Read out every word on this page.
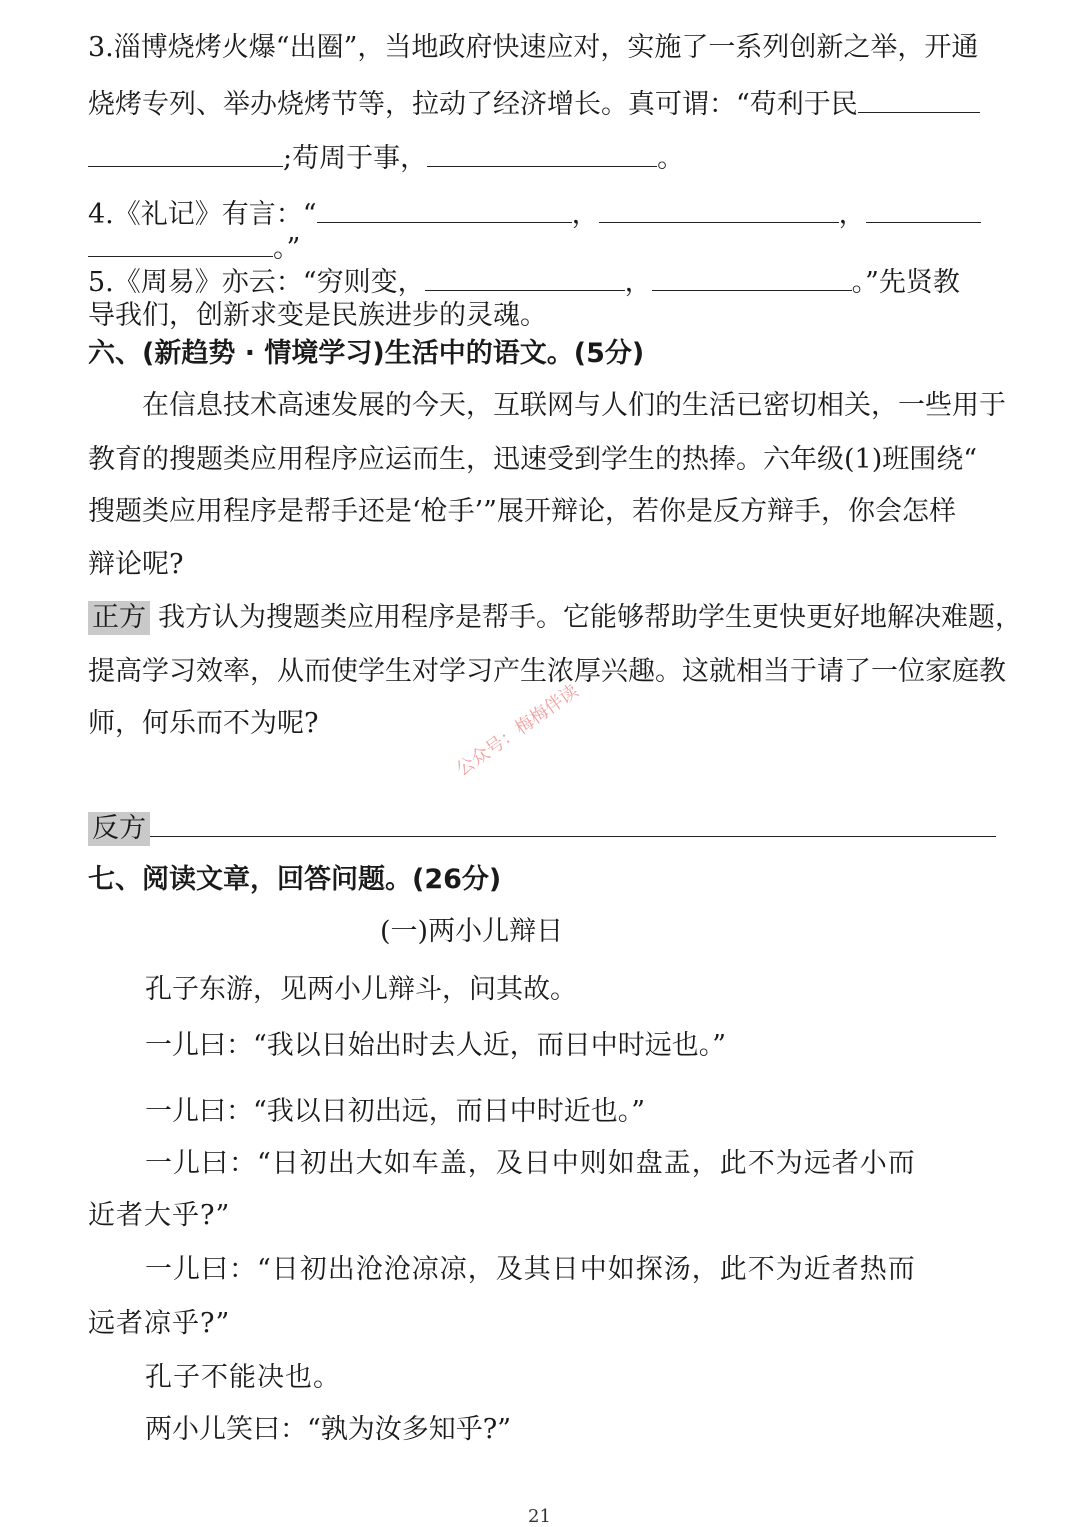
3.淄博烧烤火爆“出圈”，当地政府快速应对，实施了一系列创新之举，开通
烧烤专列、举办烧烤节等，拉动了经济增长。真可谓：“苟利于民
;苟周于事，	。
4.《礼记》有言：“	，	，
。”
5.《周易》亦云：“穷则变，	，	。”先贤教
导我们，创新求变是民族进步的灵魂。
六、(新趋势 · 情境学习)生活中的语文。(5分)
在信息技术高速发展的今天，互联网与人们的生活已密切相关，一些用于
教育的搜题类应用程序应运而生，迅速受到学生的热捧。六年级(1)班围绕“
搜题类应用程序是帮手还是‘枪手’”展开辩论，若你是反方辩手，你会怎样
辩论呢?
正方 我方认为搜题类应用程序是帮手。它能够帮助学生更快更好地解决难题，
提高学习效率，从而使学生对学习产生浓厚兴趣。这就相当于请了一位家庭教
师，何乐而不为呢?
反方
公众号：梅梅伴读
七、阅读文章，回答问题。(26分)
(一)两小儿辩日
孔子东游，见两小儿辩斗，问其故。
一儿曰：“我以日始出时去人近，而日中时远也。”
一儿曰：“我以日初出远，而日中时近也。”
一儿曰：“日初出大如车盖，及日中则如盘盂，此不为远者小而
近者大乎?”
一儿曰：“日初出沧沧凉凉，及其日中如探汤，此不为近者热而
远者凉乎?”
孔子不能决也。
两小儿笑曰：“孰为汝多知乎?”
21
